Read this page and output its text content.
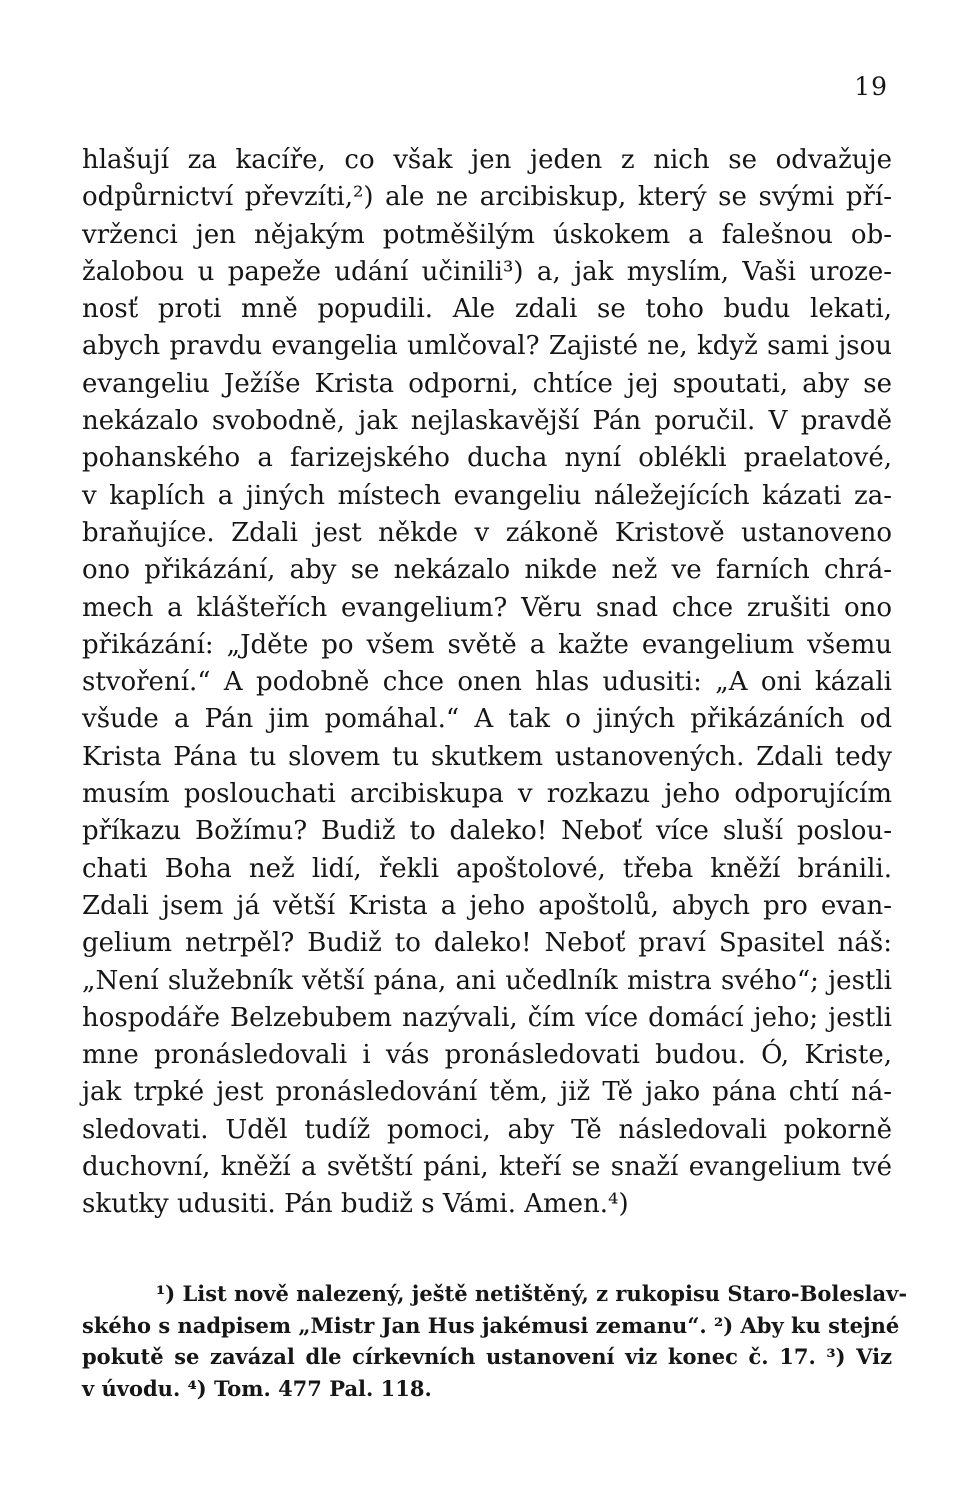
19
hlašují za kacíře, co však jen jeden z nich se odvažuje
odpůrnictví převzíti,²) ale ne arcibiskup, který se svými pří-
vrženci jen nějakým potměšilým úskokem a falešnou ob-
žalobou u papeže udání učinili³) a, jak myslím, Vaši uroze-
nosť proti mně popudili. Ale zdali se toho budu lekati,
abych pravdu evangelia umlčoval? Zajisté ne, když sami jsou
evangeliu Ježíše Krista odporni, chtíce jej spoutati, aby se
nekázalo svobodně, jak nejlaskavější Pán poručil. V pravdě
pohanského a farizejského ducha nyní oblékli praelatové,
v kaplích a jiných místech evangeliu náležejících kázati za-
braňujíce. Zdali jest někde v zákoně Kristově ustanoveno
ono přikázání, aby se nekázalo nikde než ve farních chrá-
mech a klášteřích evangelium? Věru snad chce zrušiti ono
přikázání: „Jděte po všem světě a kažte evangelium všemu
stvoření.“ A podobně chce onen hlas udusiti: „A oni kázali
všude a Pán jim pomáhal.“ A tak o jiných přikázáních od
Krista Pána tu slovem tu skutkem ustanovených. Zdali tedy
musím poslouchati arcibiskupa v rozkazu jeho odporujícím
příkazu Božímu? Budiž to daleko! Neboť více sluší poslou-
chati Boha než lidí, řekli apoštolové, třeba kněží bránili.
Zdali jsem já větší Krista a jeho apoštolů, abych pro evan-
gelium netrpěl? Budiž to daleko! Neboť praví Spasitel náš:
„Není služebník větší pána, ani učedlník mistra svého“; jestli
hospodáře Belzebubem nazývali, čím více domácí jeho; jestli
mne pronásledovali i vás pronásledovati budou. Ó, Kriste,
jak trpké jest pronásledování těm, již Tě jako pána chtí ná-
sledovati. Uděl tudíž pomoci, aby Tě následovali pokorně
duchovní, kněží a světští páni, kteří se snaží evangelium tvé
skutky udusiti. Pán budiž s Vámi. Amen.⁴)
¹) List nově nalezený, ještě netištěný, z rukopisu Staro-Boleslav-
ského s nadpisem „Mistr Jan Hus jakémusi zemanu“. ²) Aby ku stejné
pokutě se zavázal dle církevních ustanovení viz konec č. 17. ³) Viz
v úvodu. ⁴) Tom. 477 Pal. 118.
